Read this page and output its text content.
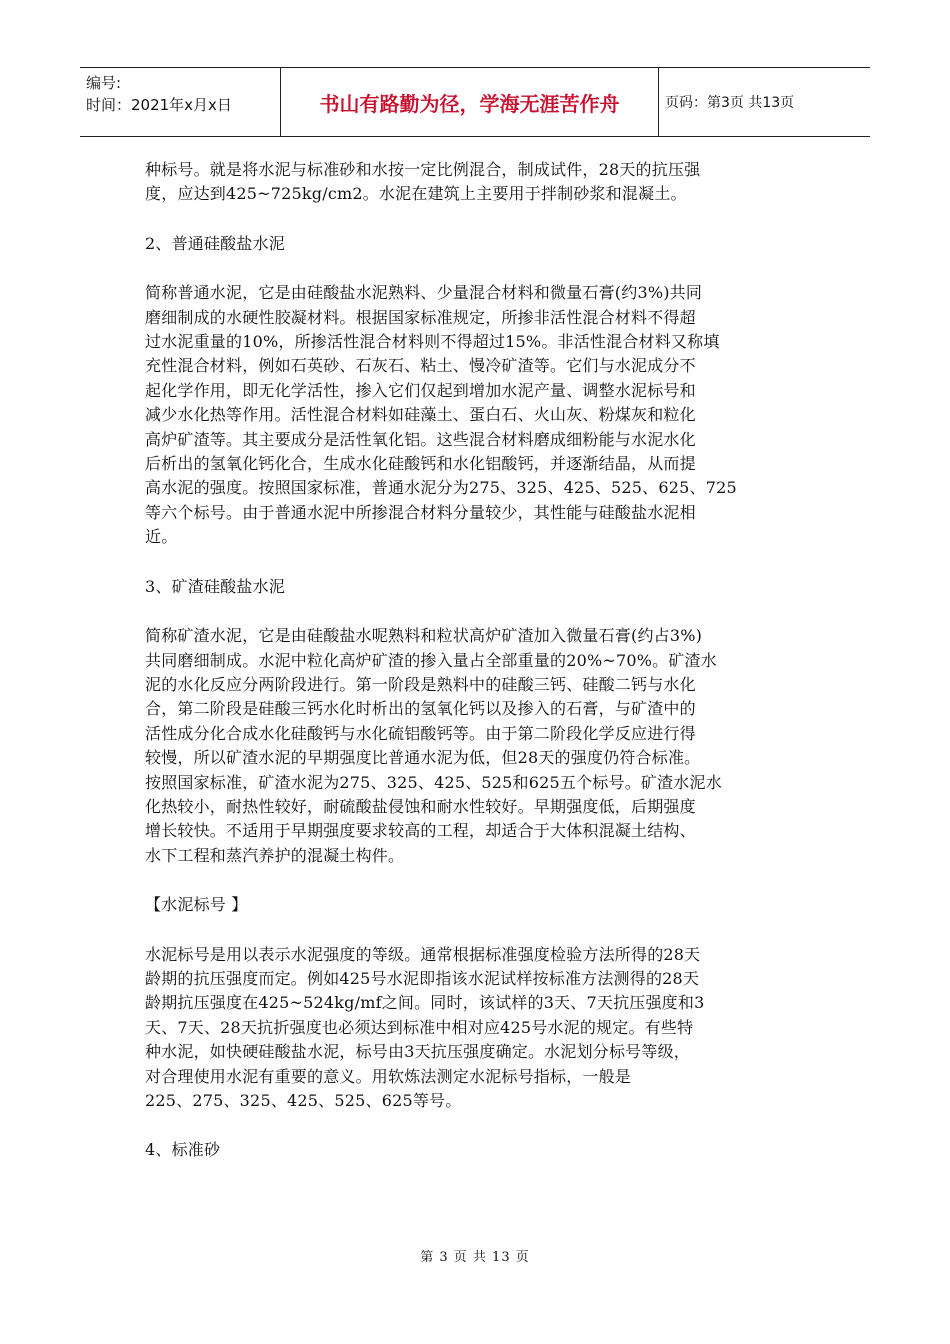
编号:
时间：2021年x月x日	书山有路勤为径，学海无涯苦作舟	页码：第3页 共13页

种标号。就是将水泥与标准砂和水按一定比例混合，制成试件，28天的抗压强

度，应达到425~725kg/cm2。水泥在建筑上主要用于拌制砂浆和混凝土。

2、普通硅酸盐水泥

简称普通水泥，它是由硅酸盐水泥熟料、少量混合材料和微量石膏(约3%)共同

磨细制成的水硬性胶凝材料。根据国家标准规定，所掺非活性混合材料不得超

过水泥重量的10%，所掺活性混合材料则不得超过15%。非活性混合材料又称填

充性混合材料，例如石英砂、石灰石、粘土、慢冷矿渣等。它们与水泥成分不

起化学作用，即无化学活性，掺入它们仅起到增加水泥产量、调整水泥标号和

减少水化热等作用。活性混合材料如硅藻土、蛋白石、火山灰、粉煤灰和粒化

高炉矿渣等。其主要成分是活性氧化铝。这些混合材料磨成细粉能与水泥水化

后析出的氢氧化钙化合，生成水化硅酸钙和水化铝酸钙，并逐渐结晶，从而提

高水泥的强度。按照国家标准，普通水泥分为275、325、425、525、625、725

等六个标号。由于普通水泥中所掺混合材料分量较少，其性能与硅酸盐水泥相

近。

3、矿渣硅酸盐水泥

简称矿渣水泥，它是由硅酸盐水呢熟料和粒状高炉矿渣加入微量石膏(约占3%)

共同磨细制成。水泥中粒化高炉矿渣的掺入量占全部重量的20%~70%。矿渣水

泥的水化反应分两阶段进行。第一阶段是熟料中的硅酸三钙、硅酸二钙与水化

合，第二阶段是硅酸三钙水化时析出的氢氧化钙以及掺入的石膏，与矿渣中的

活性成分化合成水化硅酸钙与水化硫铝酸钙等。由于第二阶段化学反应进行得

较慢，所以矿渣水泥的早期强度比普通水泥为低，但28天的强度仍符合标准。

按照国家标准，矿渣水泥为275、325、425、525和625五个标号。矿渣水泥水

化热较小，耐热性较好，耐硫酸盐侵蚀和耐水性较好。早期强度低，后期强度

增长较快。不适用于早期强度要求较高的工程，却适合于大体积混凝土结构、

水下工程和蒸汽养护的混凝土构件。

【水泥标号 】

水泥标号是用以表示水泥强度的等级。通常根据标准强度检验方法所得的28天

龄期的抗压强度而定。例如425号水泥即指该水泥试样按标准方法测得的28天

龄期抗压强度在425~524kg/mf之间。同时，该试样的3天、7天抗压强度和3

天、7天、28天抗折强度也必须达到标准中相对应425号水泥的规定。有些特

种水泥，如快硬硅酸盐水泥，标号由3天抗压强度确定。水泥划分标号等级，

对合理使用水泥有重要的意义。用软炼法测定水泥标号指标，一般是

225、275、325、425、525、625等号。

4、标准砂

第 3 页 共 13 页
